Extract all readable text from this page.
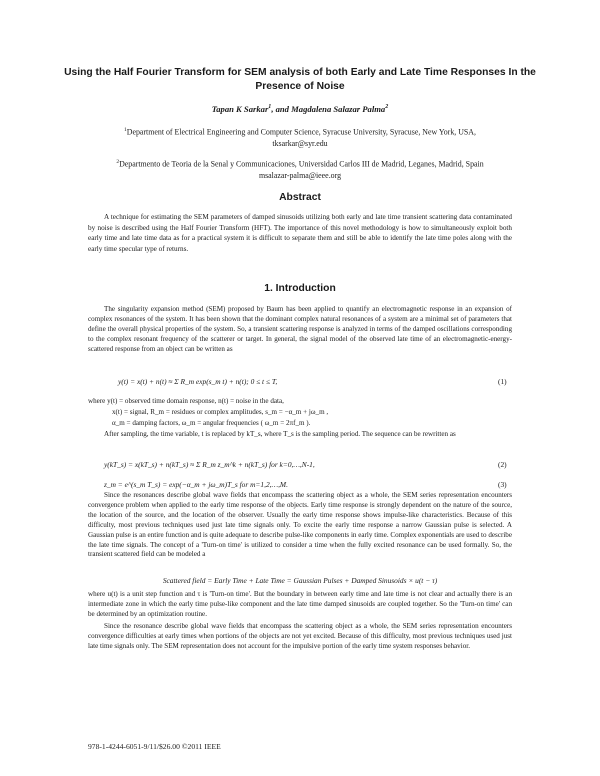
Using the Half Fourier Transform for SEM analysis of both Early and Late Time Responses In the Presence of Noise
Tapan K Sarkar$^1$, and Magdalena Salazar Palma$^2$
$^1$Department of Electrical Engineering and Computer Science, Syracuse University, Syracuse, New York, USA,
tksarkar@syr.edu
$^2$Departmento de Teoria de la Senal y Communicaciones, Universidad Carlos III de Madrid, Leganes, Madrid, Spain
msalazar-palma@ieee.org
Abstract
A technique for estimating the SEM parameters of damped sinusoids utilizing both early and late time transient scattering data contaminated by noise is described using the Half Fourier Transform (HFT). The importance of this novel methodology is how to simultaneously exploit both early time and late time data as for a practical system it is difficult to separate them and still be able to identify the late time poles along with the early time specular type of returns.
1. Introduction
The singularity expansion method (SEM) proposed by Baum has been applied to quantify an electromagnetic response in an expansion of complex resonances of the system. It has been shown that the dominant complex natural resonances of a system are a minimal set of parameters that define the overall physical properties of the system. So, a transient scattering response is analyzed in terms of the damped oscillations corresponding to the complex resonant frequency of the scatterer or target. In general, the signal model of the observed late time of an electromagnetic-energy-scattered response from an object can be written as
y(t) = x(t) + n(t) ≈ Σ R_m exp(s_m t) + n(t); 0 ≤ t ≤ T,	(1)
where y(t) = observed time domain response, n(t) = noise in the data,
x(t) = signal, R_m = residues or complex amplitudes, s_m = −α_m + jω_m ,
α_m = damping factors, ω_m = angular frequencies ( ω_m = 2πf_m ).
After sampling, the time variable, t is replaced by kT_s, where T_s is the sampling period. The sequence can be rewritten as
y(kT_s) = x(kT_s) + n(kT_s) ≈ Σ R_m z_m^k + n(kT_s) for k=0,…,N-1,	(2)
z_m = e^(s_m T_s) = exp(−α_m + jω_m)T_s for m=1,2,…,M.	(3)
Since the resonances describe global wave fields that encompass the scattering object as a whole, the SEM series representation encounters convergence problem when applied to the early time response of the objects. Early time response is strongly dependent on the nature of the source, the location of the source, and the location of the observer. Usually the early time response shows impulse-like characteristics. Because of this difficulty, most previous techniques used just late time signals only. To excite the early time response a narrow Gaussian pulse is selected. A Gaussian pulse is an entire function and is quite adequate to describe pulse-like components in early time. Complex exponentials are used to describe the late time signals. The concept of a 'Turn-on time' is utilized to consider a time when the fully excited resonance can be used formally. So, the transient scattered field can be modeled a
Scattered field = Early Time + Late Time = Gaussian Pulses + Damped Sinusoids × u(t − τ)
where u(t) is a unit step function and τ is 'Turn-on time'. But the boundary in between early time and late time is not clear and actually there is an intermediate zone in which the early time pulse-like component and the late time damped sinusoids are coupled together. So the 'Turn-on time' can be determined by an optimization routine.
Since the resonance describe global wave fields that encompass the scattering object as a whole, the SEM series representation encounters convergence difficulties at early times when portions of the objects are not yet excited. Because of this difficulty, most previous techniques used just late time signals only. The SEM representation does not account for the impulsive portion of the early time system responses behavior.
978-1-4244-6051-9/11/$26.00 ©2011 IEEE
